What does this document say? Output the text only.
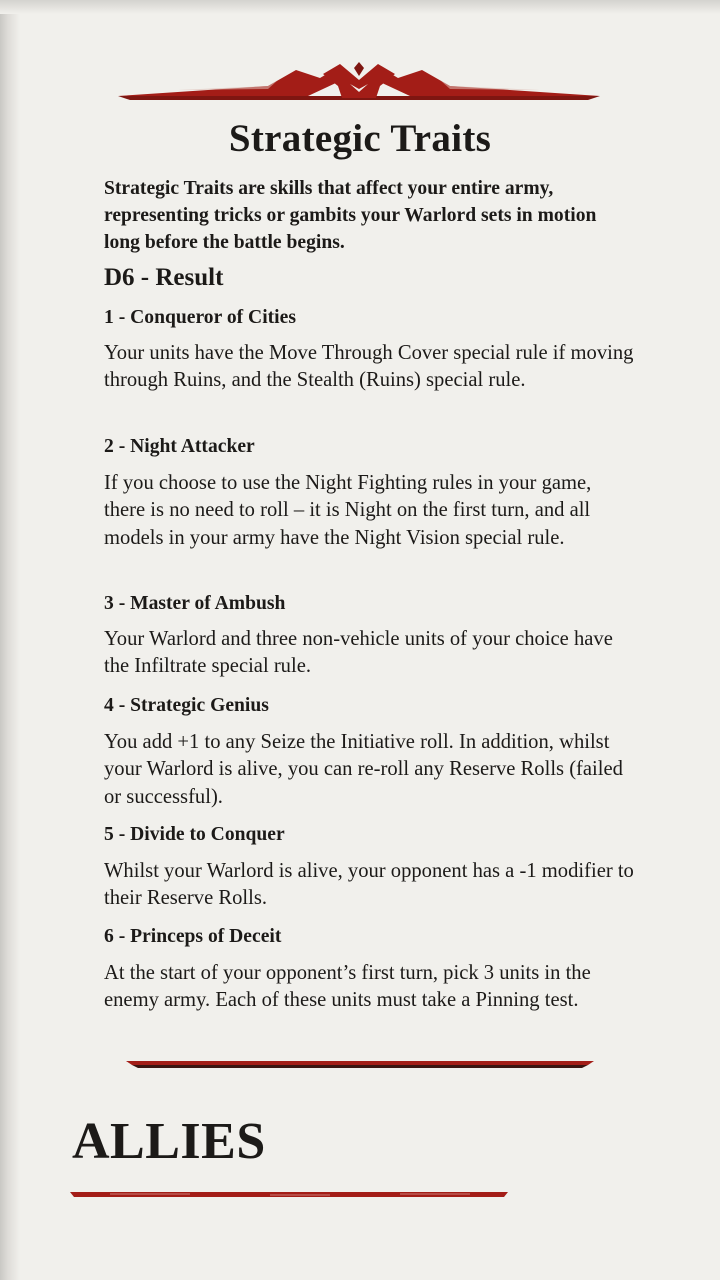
Strategic Traits

Strategic Traits are skills that affect your entire army, representing tricks or gambits your Warlord sets in motion long before the battle begins.

D6 - Result
1 - Conqueror of Cities

Your units have the Move Through Cover special rule if moving through Ruins, and the Stealth (Ruins) special rule.

2 - Night Attacker

If you choose to use the Night Fighting rules in your game, there is no need to roll – it is Night on the first turn, and all models in your army have the Night Vision special rule.

3 - Master of Ambush

Your Warlord and three non-vehicle units of your choice have the Infiltrate special rule.

4 - Strategic Genius

You add +1 to any Seize the Initiative roll. In addition, whilst your Warlord is alive, you can re-roll any Reserve Rolls (failed or successful).

5 - Divide to Conquer

Whilst your Warlord is alive, your opponent has a -1 modifier to their Reserve Rolls.

6 - Princeps of Deceit

At the start of your opponent’s first turn, pick 3 units in the enemy army. Each of these units must take a Pinning test.

ALLIES
